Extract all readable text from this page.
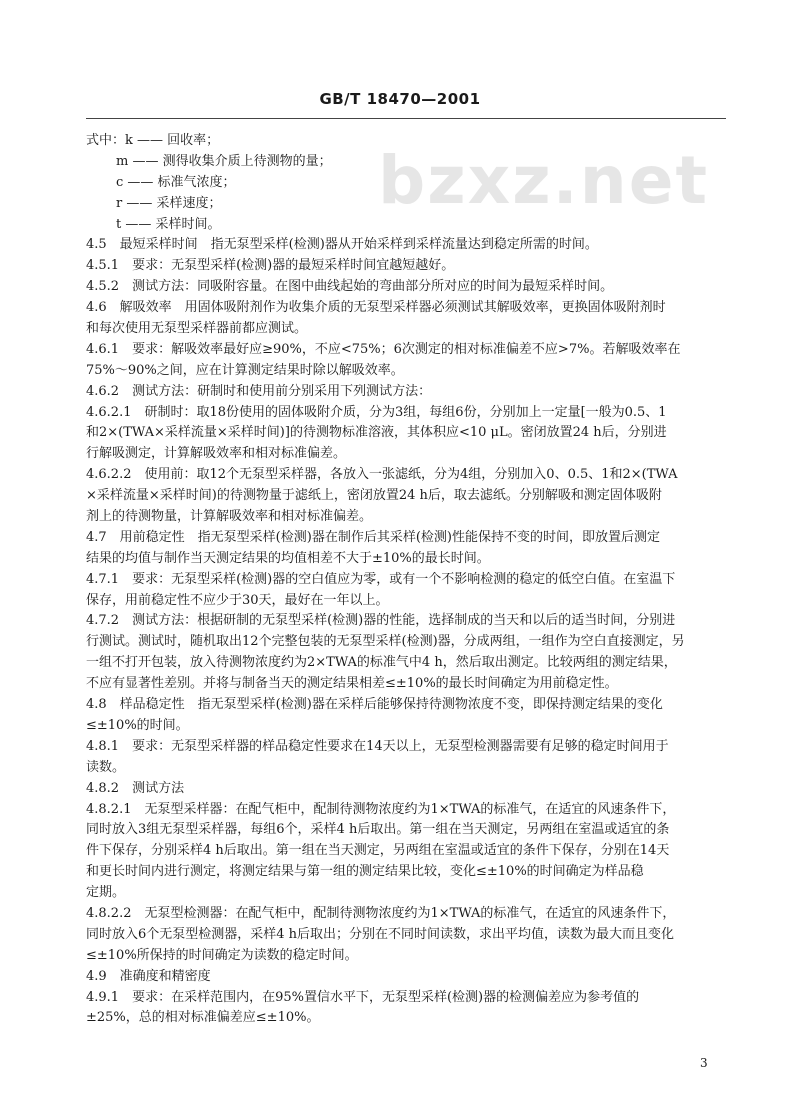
GB/T 18470—2001
bzxz.net
式中：k —— 回收率；
m —— 测得收集介质上待测物的量；
c —— 标准气浓度；
r —— 采样速度；
t —— 采样时间。
4.5　最短采样时间　指无泵型采样(检测)器从开始采样到采样流量达到稳定所需的时间。
4.5.1　要求：无泵型采样(检测)器的最短采样时间宜越短越好。
4.5.2　测试方法：同吸附容量。在图中曲线起始的弯曲部分所对应的时间为最短采样时间。
4.6　解吸效率　用固体吸附剂作为收集介质的无泵型采样器必须测试其解吸效率，更换固体吸附剂时
和每次使用无泵型采样器前都应测试。
4.6.1　要求：解吸效率最好应≥90%，不应<75%；6次测定的相对标准偏差不应>7%。若解吸效率在
75%～90%之间，应在计算测定结果时除以解吸效率。
4.6.2　测试方法：研制时和使用前分别采用下列测试方法：
4.6.2.1　研制时：取18份使用的固体吸附介质，分为3组，每组6份，分别加上一定量[一般为0.5、1
和2×(TWA×采样流量×采样时间)]的待测物标准溶液，其体积应<10 μL。密闭放置24 h后，分别进
行解吸测定，计算解吸效率和相对标准偏差。
4.6.2.2　使用前：取12个无泵型采样器，各放入一张滤纸，分为4组，分别加入0、0.5、1和2×(TWA
×采样流量×采样时间)的待测物量于滤纸上，密闭放置24 h后，取去滤纸。分别解吸和测定固体吸附
剂上的待测物量，计算解吸效率和相对标准偏差。
4.7　用前稳定性　指无泵型采样(检测)器在制作后其采样(检测)性能保持不变的时间，即放置后测定
结果的均值与制作当天测定结果的均值相差不大于±10%的最长时间。
4.7.1　要求：无泵型采样(检测)器的空白值应为零，或有一个不影响检测的稳定的低空白值。在室温下
保存，用前稳定性不应少于30天，最好在一年以上。
4.7.2　测试方法：根据研制的无泵型采样(检测)器的性能，选择制成的当天和以后的适当时间，分别进
行测试。测试时，随机取出12个完整包装的无泵型采样(检测)器，分成两组，一组作为空白直接测定，另
一组不打开包装，放入待测物浓度约为2×TWA的标准气中4 h，然后取出测定。比较两组的测定结果，
不应有显著性差别。并将与制备当天的测定结果相差≤±10%的最长时间确定为用前稳定性。
4.8　样品稳定性　指无泵型采样(检测)器在采样后能够保持待测物浓度不变，即保持测定结果的变化
≤±10%的时间。
4.8.1　要求：无泵型采样器的样品稳定性要求在14天以上，无泵型检测器需要有足够的稳定时间用于
读数。
4.8.2　测试方法
4.8.2.1　无泵型采样器：在配气柜中，配制待测物浓度约为1×TWA的标准气，在适宜的风速条件下，
同时放入3组无泵型采样器，每组6个，采样4 h后取出。第一组在当天测定，另两组在室温或适宜的条
件下保存，分别采样4 h后取出。第一组在当天测定，另两组在室温或适宜的条件下保存，分别在14天
和更长时间内进行测定，将测定结果与第一组的测定结果比较，变化≤±10%的时间确定为样品稳
定期。
4.8.2.2　无泵型检测器：在配气柜中，配制待测物浓度约为1×TWA的标准气，在适宜的风速条件下，
同时放入6个无泵型检测器，采样4 h后取出；分别在不同时间读数，求出平均值，读数为最大而且变化
≤±10%所保持的时间确定为读数的稳定时间。
4.9　准确度和精密度
4.9.1　要求：在采样范围内，在95%置信水平下，无泵型采样(检测)器的检测偏差应为参考值的
±25%，总的相对标准偏差应≤±10%。
3
